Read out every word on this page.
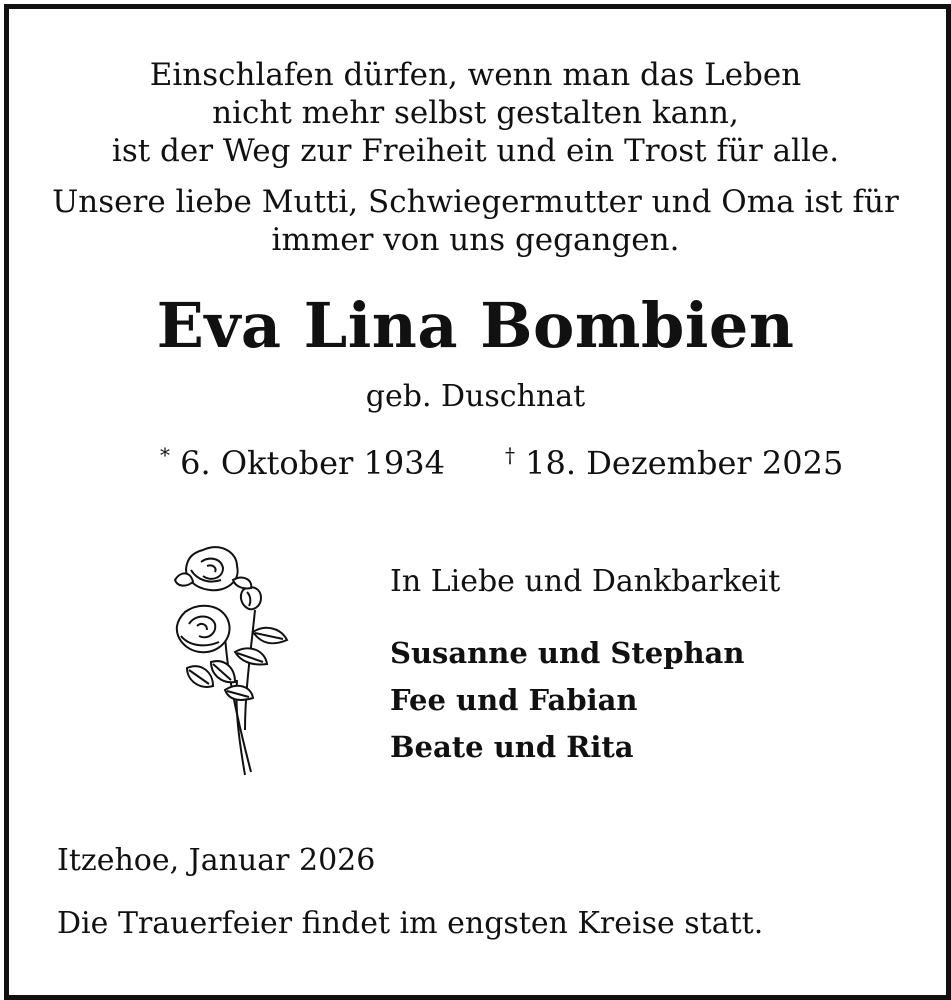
Einschlafen dürfen, wenn man das Leben
nicht mehr selbst gestalten kann,
ist der Weg zur Freiheit und ein Trost für alle.
Unsere liebe Mutti, Schwiegermutter und Oma ist für
immer von uns gegangen.
Eva Lina Bombien
geb. Duschnat
* 6. Oktober 1934	† 18. Dezember 2025
In Liebe und Dankbarkeit
Susanne und Stephan
Fee und Fabian
Beate und Rita
Itzehoe, Januar 2026
Die Trauerfeier findet im engsten Kreise statt.
